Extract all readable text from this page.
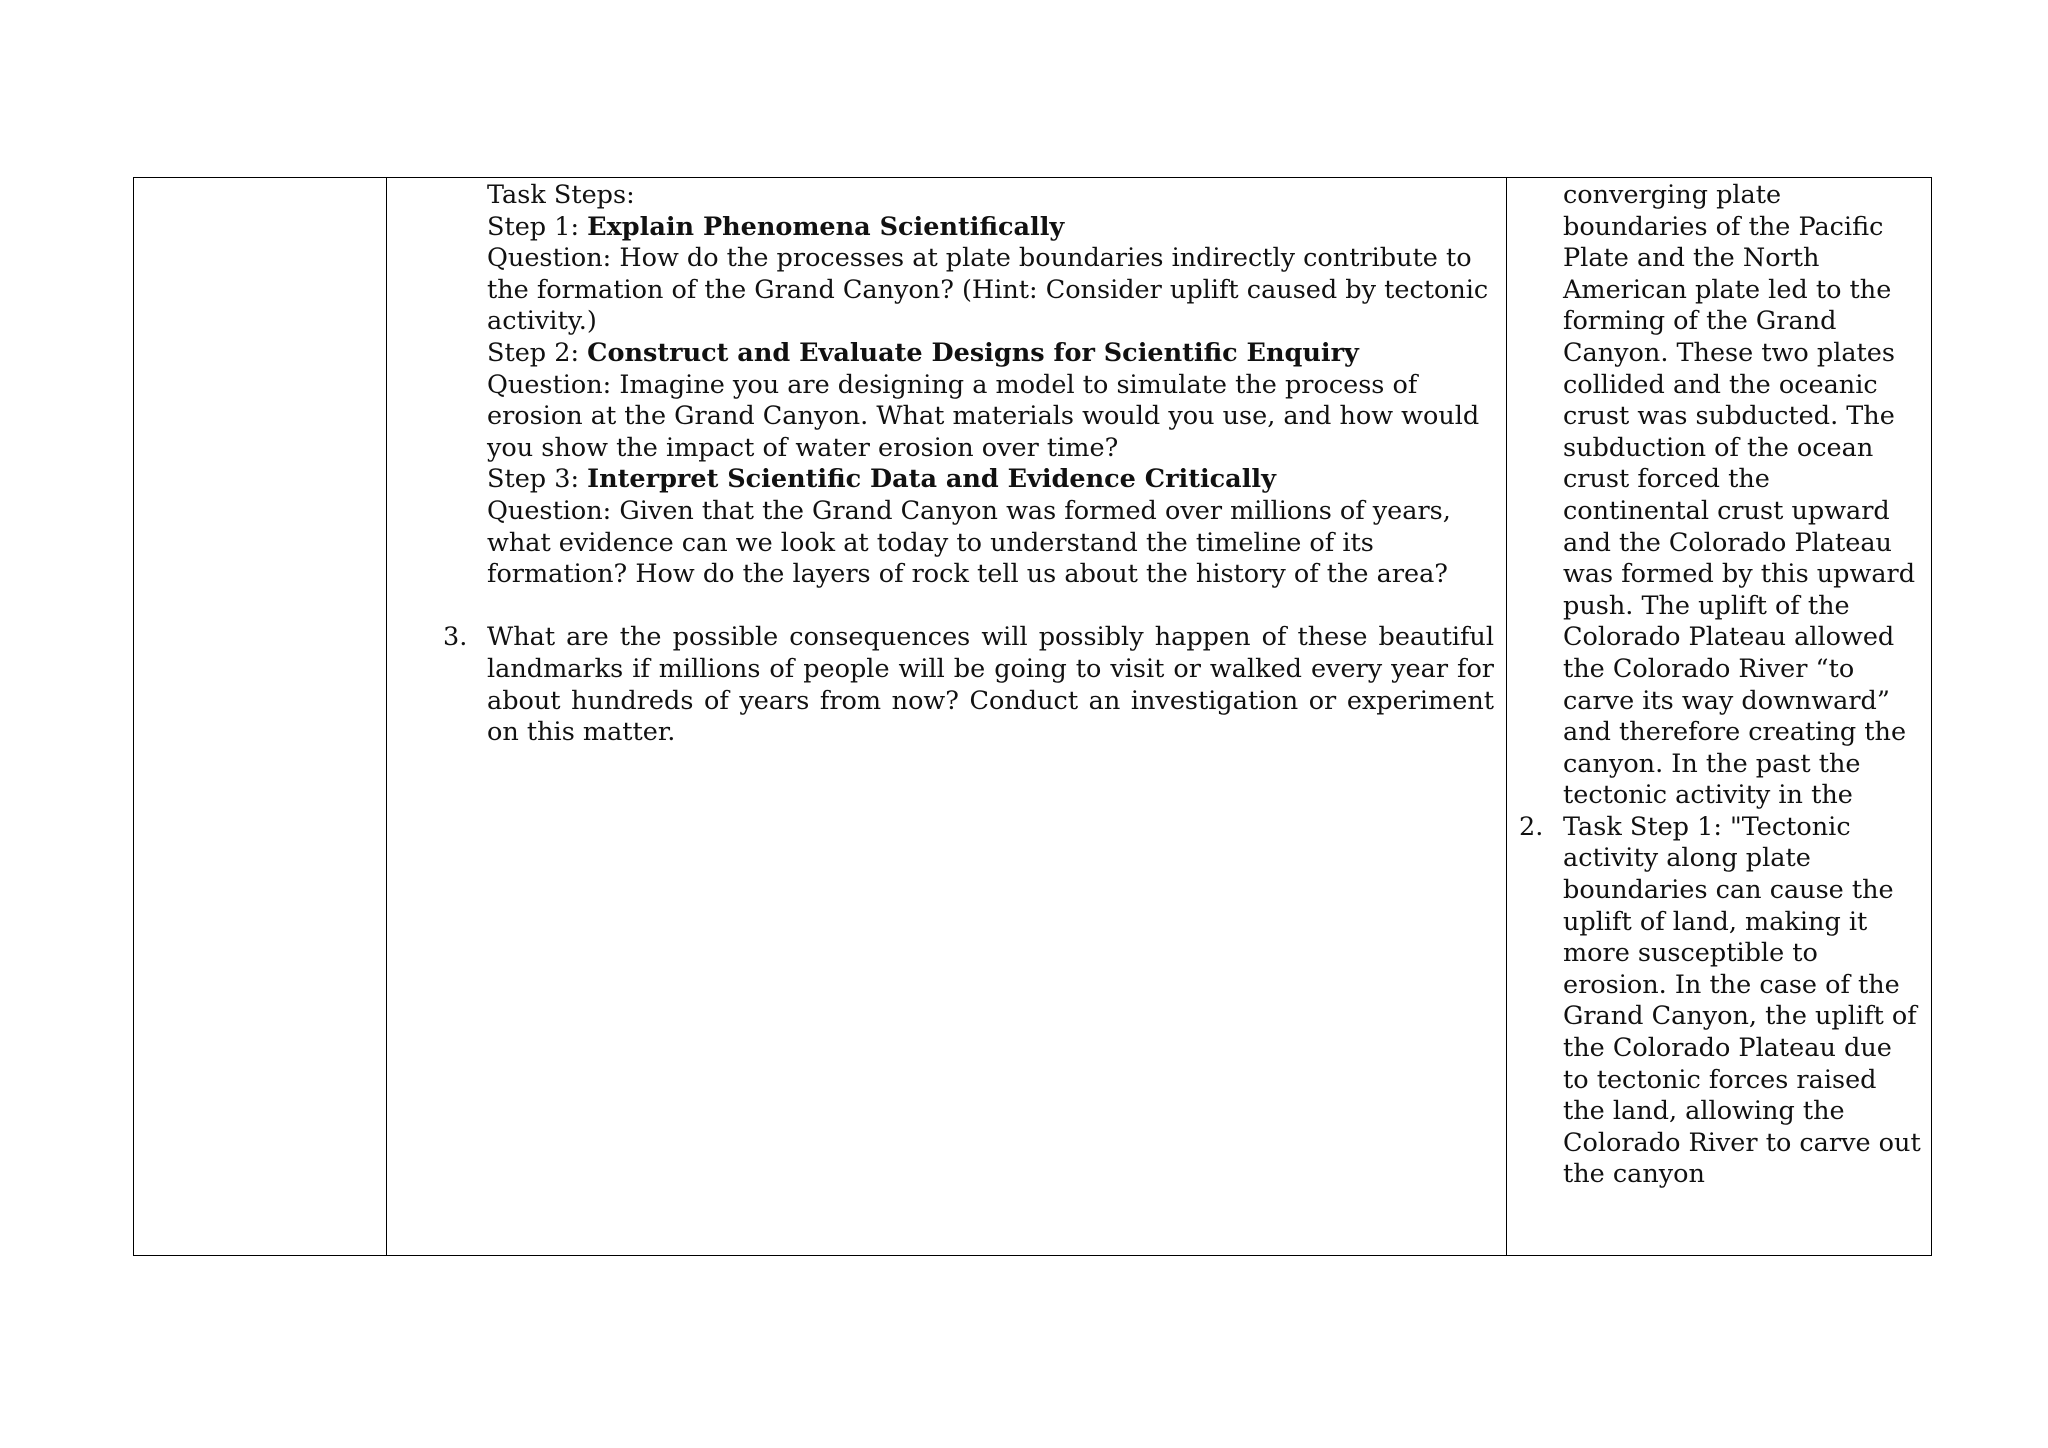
Task Steps:
Step 1: Explain Phenomena Scientifically
Question: How do the processes at plate boundaries indirectly contribute to the formation of the Grand Canyon? (Hint: Consider uplift caused by tectonic activity.)
Step 2: Construct and Evaluate Designs for Scientific Enquiry
Question: Imagine you are designing a model to simulate the process of erosion at the Grand Canyon. What materials would you use, and how would you show the impact of water erosion over time?
Step 3: Interpret Scientific Data and Evidence Critically
Question: Given that the Grand Canyon was formed over millions of years, what evidence can we look at today to understand the timeline of its formation? How do the layers of rock tell us about the history of the area?
3. What are the possible consequences will possibly happen of these beautiful landmarks if millions of people will be going to visit or walked every year for about hundreds of years from now? Conduct an investigation or experiment on this matter.

converging plate boundaries of the Pacific Plate and the North American plate led to the forming of the Grand Canyon. These two plates collided and the oceanic crust was subducted. The subduction of the ocean crust forced the continental crust upward and the Colorado Plateau was formed by this upward push. The uplift of the Colorado Plateau allowed the Colorado River “to carve its way downward” and therefore creating the canyon. In the past the tectonic activity in the
2. Task Step 1: "Tectonic activity along plate boundaries can cause the uplift of land, making it more susceptible to erosion. In the case of the Grand Canyon, the uplift of the Colorado Plateau due to tectonic forces raised the land, allowing the Colorado River to carve out the canyon
